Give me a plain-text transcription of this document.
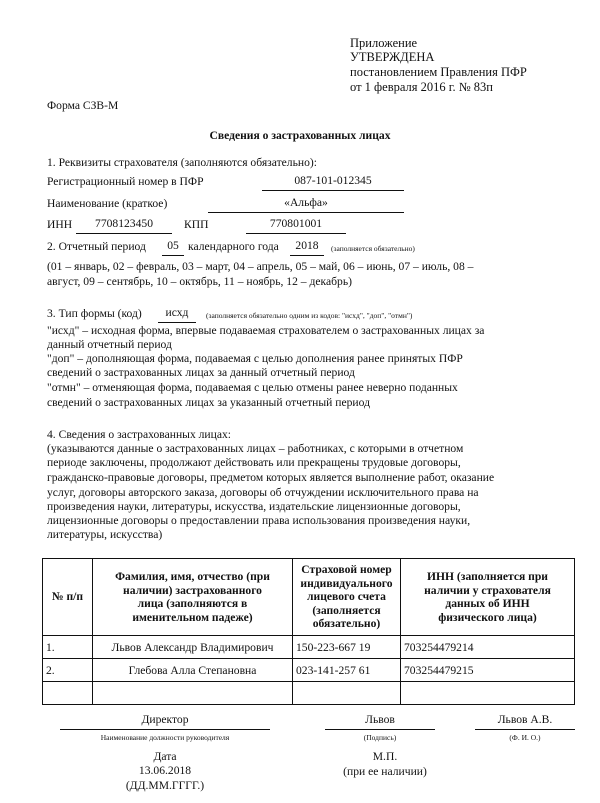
Приложение
УТВЕРЖДЕНА
постановлением Правления ПФР
от 1 февраля 2016 г. № 83п
Форма СЗВ-М
Сведения о застрахованных лицах
1. Реквизиты страхователя (заполняются обязательно):
Регистрационный номер в ПФР	087-101-012345
Наименование (краткое)	«Альфа»
ИНН	7708123450	КПП	770801001
2. Отчетный период	05 календарного года	2018	(заполняется обязательно)
(01 – январь, 02 – февраль, 03 – март, 04 – апрель, 05 – май, 06 – июнь, 07 – июль, 08 –
август, 09 – сентябрь, 10 – октябрь, 11 – ноябрь, 12 – декабрь)
3. Тип формы (код)	исхд	(заполняется обязательно одним из кодов: "исхд", "доп", "отмн")
"исхд" – исходная форма, впервые подаваемая страхователем о застрахованных лицах за
данный отчетный период
"доп" – дополняющая форма, подаваемая с целью дополнения ранее принятых ПФР
сведений о застрахованных лицах за данный отчетный период
"отмн" – отменяющая форма, подаваемая с целью отмены ранее неверно поданных
сведений о застрахованных лицах за указанный отчетный период
4. Сведения о застрахованных лицах:
(указываются данные о застрахованных лицах – работниках, с которыми в отчетном
периоде заключены, продолжают действовать или прекращены трудовые договоры,
гражданско-правовые договоры, предметом которых является выполнение работ, оказание
услуг, договоры авторского заказа, договоры об отчуждении исключительного права на
произведения науки, литературы, искусства, издательские лицензионные договоры,
лицензионные договоры о предоставлении права использования произведения науки,
литературы, искусства)
№ п/п	Фамилия, имя, отчество (при наличии) застрахованного лица (заполняются в именительном падеже)	Страховой номер индивидуального лицевого счета (заполняется обязательно)	ИНН (заполняется при наличии у страхователя данных об ИНН физического лица)
1.	Львов Александр Владимирович	150-223-667 19	703254479214
2.	Глебова Алла Степановна	023-141-257 61	703254479215

Директор
Наименование должности руководителя
Львов
(Подпись)
Львов А.В.
(Ф. И. О.)
Дата
13.06.2018
(ДД.ММ.ГГГГ.)
М.П.
(при ее наличии)
